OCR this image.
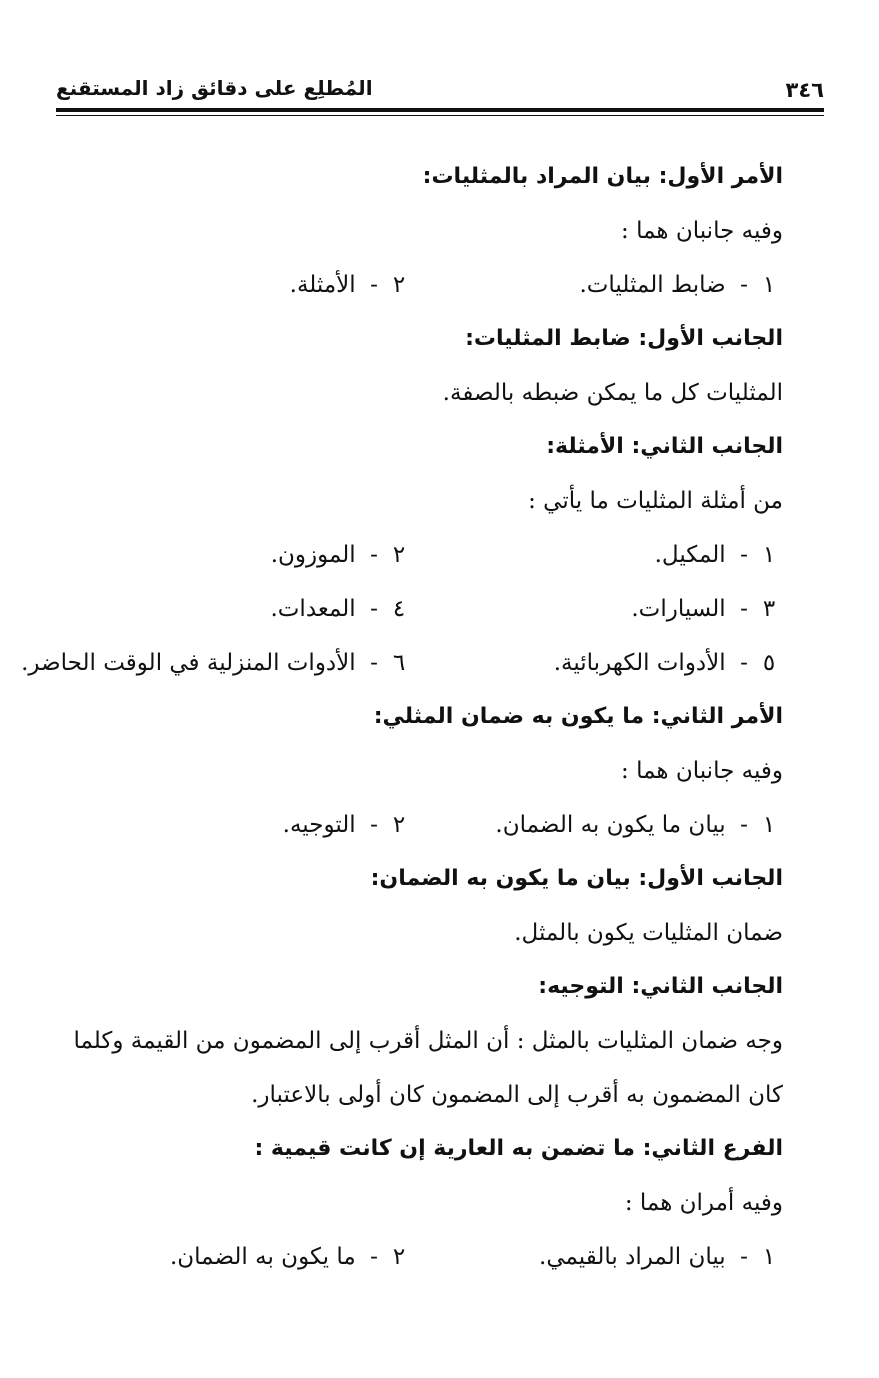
٣٤٦
المُطلِع على دقائق زاد المستقنع
الأمر الأول: بيان المراد بالمثليات:
وفيه جانبان هما :
١- ضابط المثليات.
٢- الأمثلة.
الجانب الأول: ضابط المثليات:
المثليات كل ما يمكن ضبطه بالصفة.
الجانب الثاني: الأمثلة:
من أمثلة المثليات ما يأتي :
١- المكيل.
٢- الموزون.
٣- السيارات.
٤- المعدات.
٥- الأدوات الكهربائية.
٦- الأدوات المنزلية في الوقت الحاضر.
الأمر الثاني: ما يكون به ضمان المثلي:
وفيه جانبان هما :
١- بيان ما يكون به الضمان.
٢- التوجيه.
الجانب الأول: بيان ما يكون به الضمان:
ضمان المثليات يكون بالمثل.
الجانب الثاني: التوجيه:
وجه ضمان المثليات بالمثل : أن المثل أقرب إلى المضمون من القيمة وكلما
كان المضمون به أقرب إلى المضمون كان أولى بالاعتبار.
الفرع الثاني: ما تضمن به العارية إن كانت قيمية :
وفيه أمران هما :
١- بيان المراد بالقيمي.
٢- ما يكون به الضمان.
